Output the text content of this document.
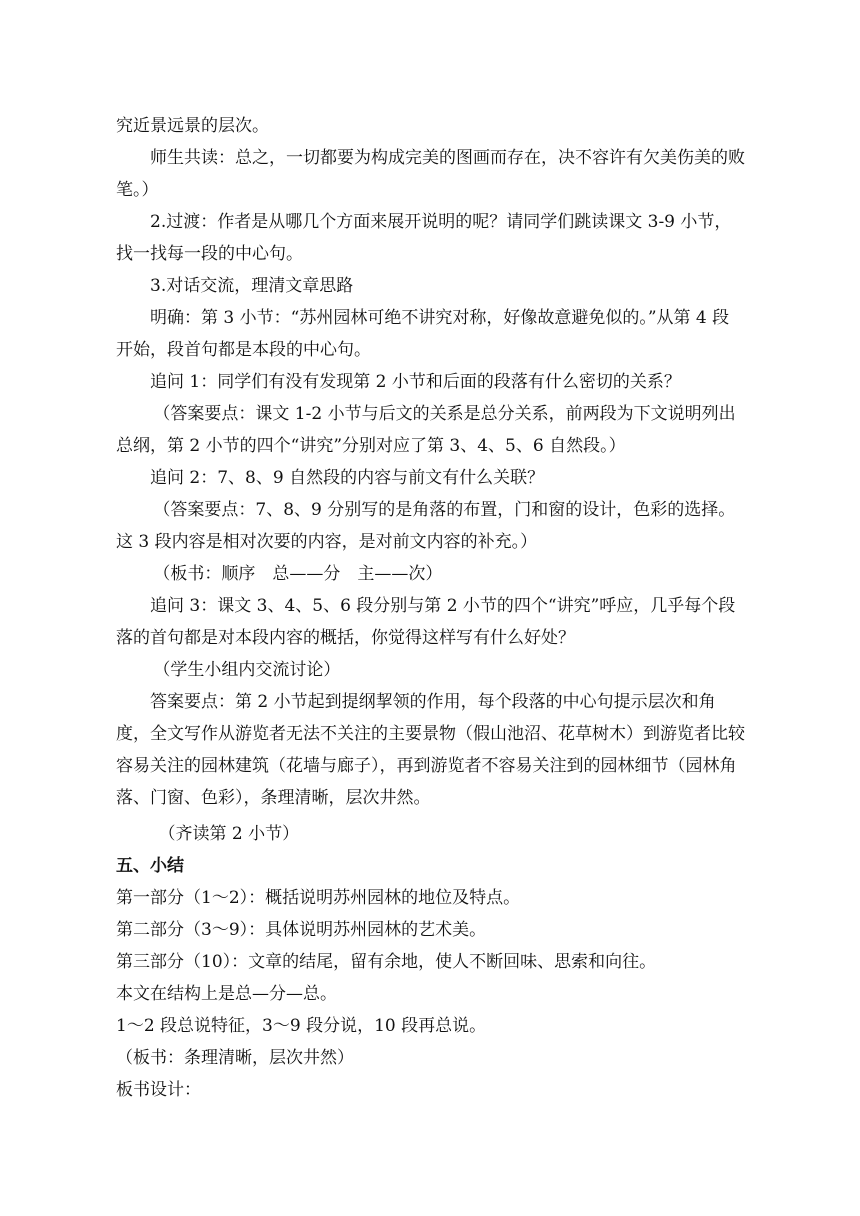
究近景远景的层次。

师生共读：总之，一切都要为构成完美的图画而存在，决不容许有欠美伤美的败笔。）

2.过渡：作者是从哪几个方面来展开说明的呢？请同学们跳读课文 3-9 小节，找一找每一段的中心句。

3.对话交流，理清文章思路

明确：第 3 小节：“苏州园林可绝不讲究对称，好像故意避免似的。”从第 4 段开始，段首句都是本段的中心句。

追问 1：同学们有没有发现第 2 小节和后面的段落有什么密切的关系？

（答案要点：课文 1-2 小节与后文的关系是总分关系，前两段为下文说明列出总纲，第 2 小节的四个“讲究”分别对应了第 3、4、5、6 自然段。）

追问 2：7、8、9 自然段的内容与前文有什么关联？

（答案要点：7、8、9 分别写的是角落的布置，门和窗的设计，色彩的选择。这 3 段内容是相对次要的内容，是对前文内容的补充。）

（板书：顺序　总——分　主——次）

追问 3：课文 3、4、5、6 段分别与第 2 小节的四个“讲究”呼应，几乎每个段落的首句都是对本段内容的概括，你觉得这样写有什么好处？

（学生小组内交流讨论）

答案要点：第 2 小节起到提纲挈领的作用，每个段落的中心句提示层次和角度，全文写作从游览者无法不关注的主要景物（假山池沼、花草树木）到游览者比较容易关注的园林建筑（花墙与廊子），再到游览者不容易关注到的园林细节（园林角落、门窗、色彩），条理清晰，层次井然。

（齐读第 2 小节）

五、小结

第一部分（1～2）：概括说明苏州园林的地位及特点。

第二部分（3～9）：具体说明苏州园林的艺术美。

第三部分（10）：文章的结尾，留有余地，使人不断回味、思索和向往。

本文在结构上是总—分—总。

1～2 段总说特征，3～9 段分说，10 段再总说。

（板书：条理清晰，层次井然）

板书设计：
